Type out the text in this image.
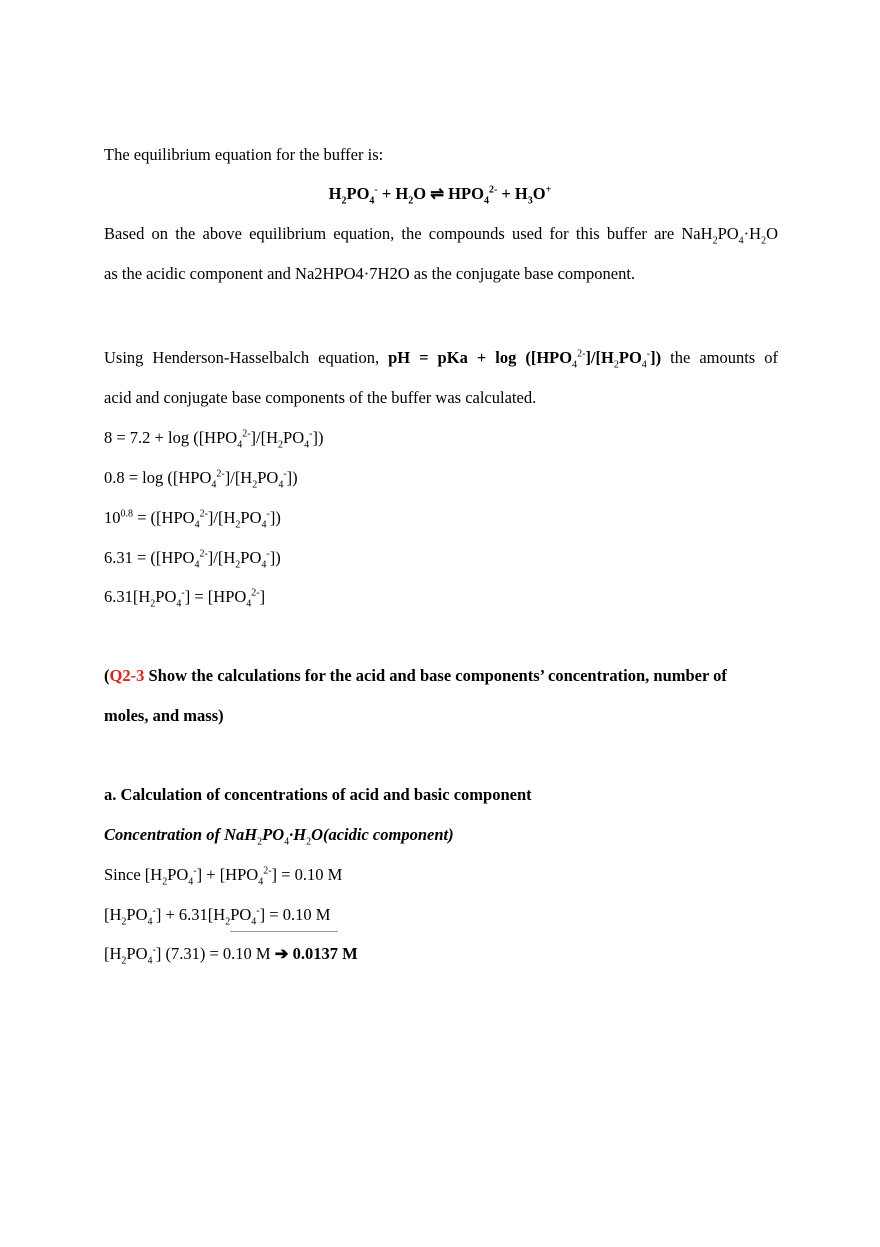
The equilibrium equation for the buffer is:
$H_2PO_4^- + H_2O$ ⇌ $HPO_4^{2-} + H_3O^+$
Based on the above equilibrium equation, the compounds used for this buffer are $NaH_2PO_4\cdot H_2O$
as the acidic component and Na2HPO4·7H2O as the conjugate base component.
Using Henderson-Hasselbalch equation, pH = pKa + $\log ([HPO_4^{2-}]/[H_2PO_4^-])$ the amounts of
acid and conjugate base components of the buffer was calculated.
$8 = 7.2 + \log ([HPO_4^{2-}]/[H_2PO_4^-])$
$0.8 = \log ([HPO_4^{2-}]/[H_2PO_4^-])$
$10^{0.8} = ([HPO_4^{2-}]/[H_2PO_4^-])$
$6.31 = ([HPO_4^{2-}]/[H_2PO_4^-])$
$6.31[H_2PO_4^-] = [HPO_4^{2-}]$
(Q2-3 Show the calculations for the acid and base components’ concentration, number of
moles, and mass)
a. Calculation of concentrations of acid and basic component
Concentration of $NaH_2PO_4\cdot H_2O(acidic$ component)
Since $[H_2PO_4^-] + [HPO_4^{2-}] = 0.10$ M
$[H_2PO_4^-] + 6.31[H_2PO_4^-] = 0.10$ M
$[H_2PO_4^-] (7.31) = 0.10$ M ➔ 0.0137 M
